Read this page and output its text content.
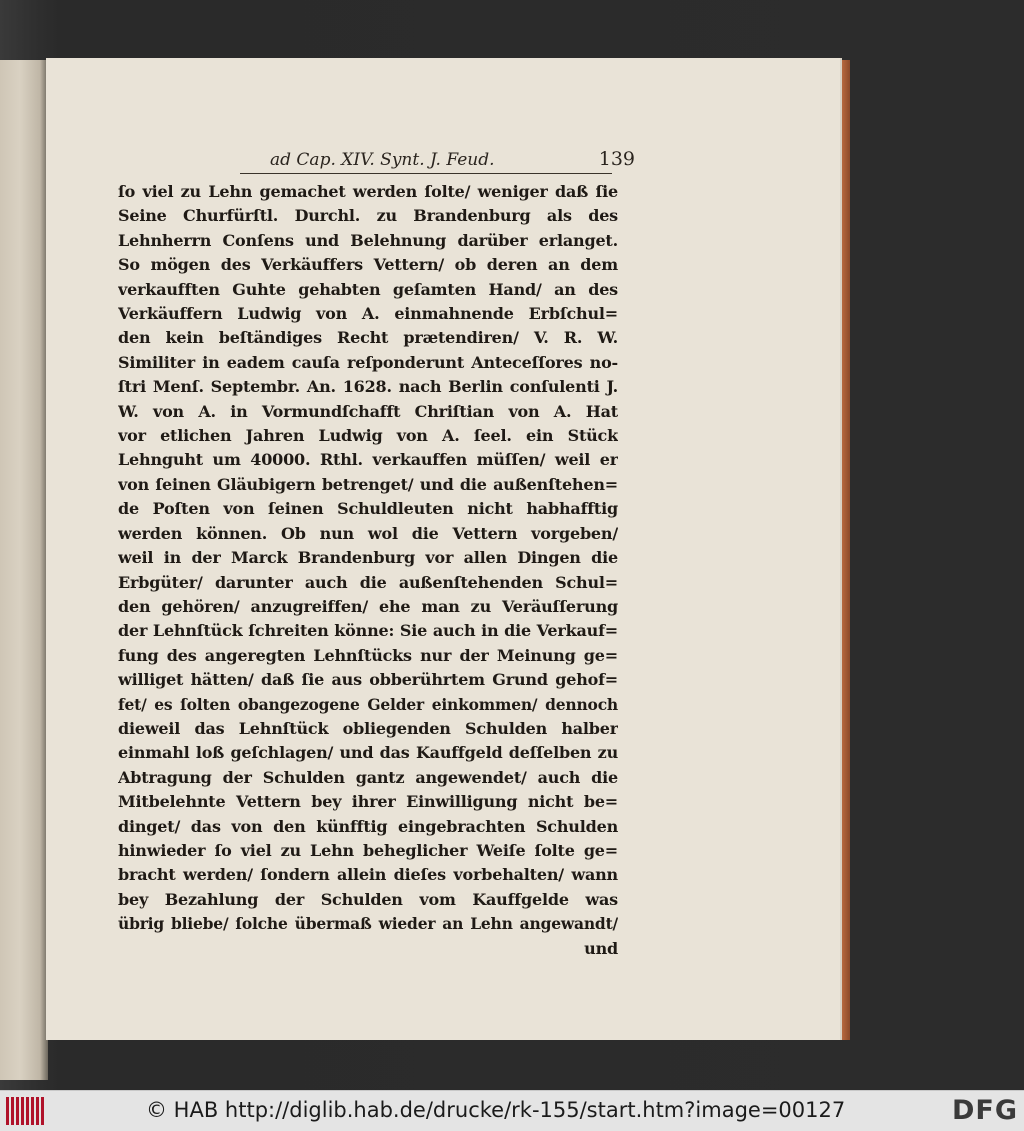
ad Cap. XIV. Synt. J. Feud.	139
ſo viel zu Lehn gemachet werden ſolte/ weniger daß ſie
Seine Churfürſtl. Durchl. zu Brandenburg als des
Lehnherrn Conſens und Belehnung darüber erlanget.
So mögen des Verkäuffers Vettern/ ob deren an dem
verkaufften Guhte gehabten geſamten Hand/ an des
Verkäuffern Ludwig von A. einmahnende Erbſchul=
den kein beſtändiges Recht prætendiren/ V. R. W.
Similiter in eadem cauſa reſponderunt Anteceſſores no-
ſtri Menſ. Septembr. An. 1628. nach Berlin conſulenti J.
W. von A. in Vormundſchafft Chriſtian von A. Hat
vor etlichen Jahren Ludwig von A. ſeel. ein Stück
Lehnguht um 40000. Rthl. verkauffen müſſen/ weil er
von ſeinen Gläubigern betrenget/ und die außenſtehen=
de Poſten von ſeinen Schuldleuten nicht habhafftig
werden können. Ob nun wol die Vettern vorgeben/
weil in der Marck Brandenburg vor allen Dingen die
Erbgüter/ darunter auch die außenſtehenden Schul=
den gehören/ anzugreiffen/ ehe man zu Veräuſſerung
der Lehnſtück ſchreiten könne: Sie auch in die Verkauf=
fung des angeregten Lehnſtücks nur der Meinung ge=
williget hätten/ daß ſie aus obberührtem Grund gehof=
fet/ es ſolten obangezogene Gelder einkommen/ dennoch
dieweil das Lehnſtück obliegenden Schulden halber
einmahl loß geſchlagen/ und das Kauffgeld deſſelben zu
Abtragung der Schulden gantz angewendet/ auch die
Mitbelehnte Vettern bey ihrer Einwilligung nicht be=
dinget/ das von den künfftig eingebrachten Schulden
hinwieder ſo viel zu Lehn beheglicher Weiſe ſolte ge=
bracht werden/ ſondern allein dieſes vorbehalten/ wann
bey Bezahlung der Schulden vom Kauffgelde was
übrig bliebe/ ſolche übermaß wieder an Lehn angewandt/
und
© HAB http://diglib.hab.de/drucke/rk-155/start.htm?image=00127	DFG
